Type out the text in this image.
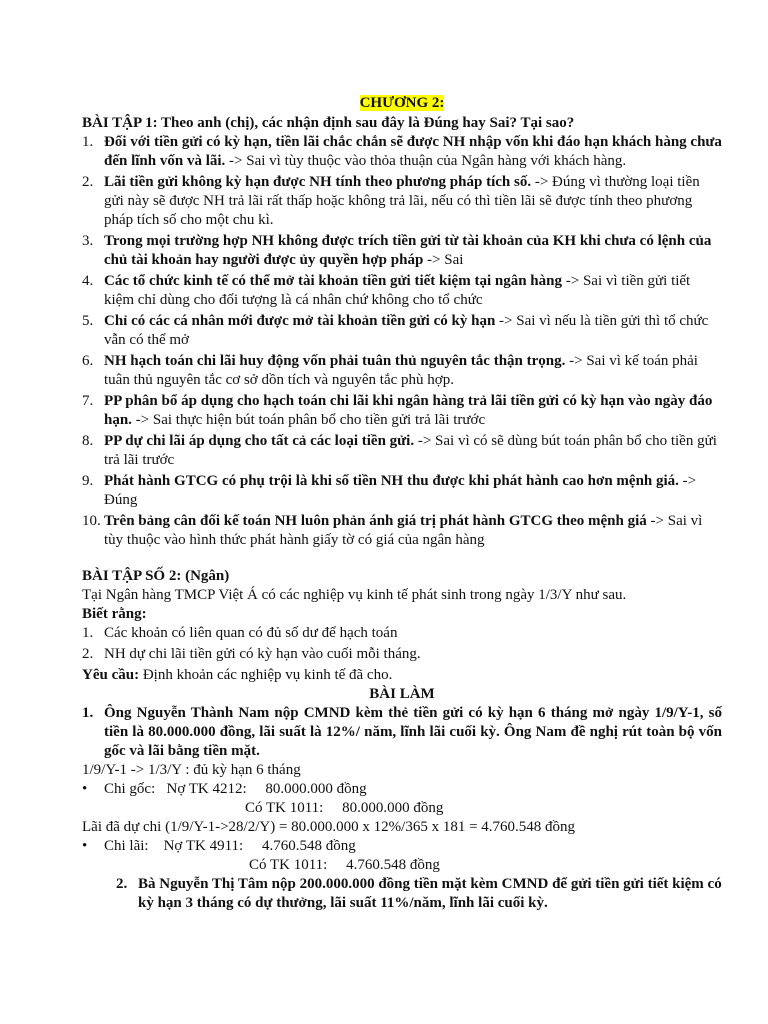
CHƯƠNG 2:

BÀI TẬP 1: Theo anh (chị), các nhận định sau đây là Đúng hay Sai? Tại sao?

1. Đối với tiền gửi có kỳ hạn, tiền lãi chắc chắn sẽ được NH nhập vốn khi đáo hạn khách hàng chưa đến lĩnh vốn và lãi. -> Sai vì tùy thuộc vào thỏa thuận của Ngân hàng với khách hàng.
2. Lãi tiền gửi không kỳ hạn được NH tính theo phương pháp tích số. -> Đúng vì thường loại tiền gửi này sẽ được NH trả lãi rất thấp hoặc không trả lãi, nếu có thì tiền lãi sẽ được tính theo phương pháp tích số cho một chu kì.
3. Trong mọi trường hợp NH không được trích tiền gửi từ tài khoản của KH khi chưa có lệnh của chủ tài khoản hay người được ủy quyền hợp pháp -> Sai
4. Các tổ chức kinh tế có thể mở tài khoản tiền gửi tiết kiệm tại ngân hàng -> Sai vì tiền gửi tiết kiệm chỉ dùng cho đối tượng là cá nhân chứ không cho tổ chức
5. Chỉ có các cá nhân mới được mở tài khoản tiền gửi có kỳ hạn -> Sai vì nếu là tiền gửi thì tổ chức vẫn có thể mở
6. NH hạch toán chi lãi huy động vốn phải tuân thủ nguyên tắc thận trọng. -> Sai vì kế toán phải tuân thủ nguyên tắc cơ sở dồn tích và nguyên tắc phù hợp.
7. PP phân bổ áp dụng cho hạch toán chi lãi khi ngân hàng trả lãi tiền gửi có kỳ hạn vào ngày đáo hạn. -> Sai thực hiện bút toán phân bổ cho tiền gửi trả lãi trước
8. PP dự chi lãi áp dụng cho tất cả các loại tiền gửi. -> Sai vì có sẽ dùng bút toán phân bổ cho tiền gửi trả lãi trước
9. Phát hành GTCG có phụ trội là khi số tiền NH thu được khi phát hành cao hơn mệnh giá. -> Đúng
10. Trên bảng cân đối kế toán NH luôn phản ánh giá trị phát hành GTCG theo mệnh giá -> Sai vì tùy thuộc vào hình thức phát hành giấy tờ có giá của ngân hàng

BÀI TẬP SỐ 2: (Ngân)

Tại Ngân hàng TMCP Việt Á có các nghiệp vụ kinh tế phát sinh trong ngày 1/3/Y như sau.

Biết rằng:

1. Các khoản có liên quan có đủ số dư để hạch toán
2. NH dự chi lãi tiền gửi có kỳ hạn vào cuối mỗi tháng.

Yêu cầu: Định khoản các nghiệp vụ kinh tế đã cho.

BÀI LÀM

1. Ông Nguyễn Thành Nam nộp CMND kèm thẻ tiền gửi có kỳ hạn 6 tháng mở ngày 1/9/Y-1, số tiền là 80.000.000 đồng, lãi suất là 12%/ năm, lĩnh lãi cuối kỳ. Ông Nam đề nghị rút toàn bộ vốn gốc và lãi bằng tiền mặt.

1/9/Y-1 -> 1/3/Y : đủ kỳ hạn 6 tháng

• Chi gốc: Nợ TK 4212: 80.000.000 đồng
Có TK 1011: 80.000.000 đồng

Lãi đã dự chi (1/9/Y-1->28/2/Y) = 80.000.000 x 12%/365 x 181 = 4.760.548 đồng

• Chi lãi: Nợ TK 4911: 4.760.548 đồng
Có TK 1011: 4.760.548 đồng
2. Bà Nguyễn Thị Tâm nộp 200.000.000 đồng tiền mặt kèm CMND để gửi tiền gửi tiết kiệm có kỳ hạn 3 tháng có dự thưởng, lãi suất 11%/năm, lĩnh lãi cuối kỳ.
